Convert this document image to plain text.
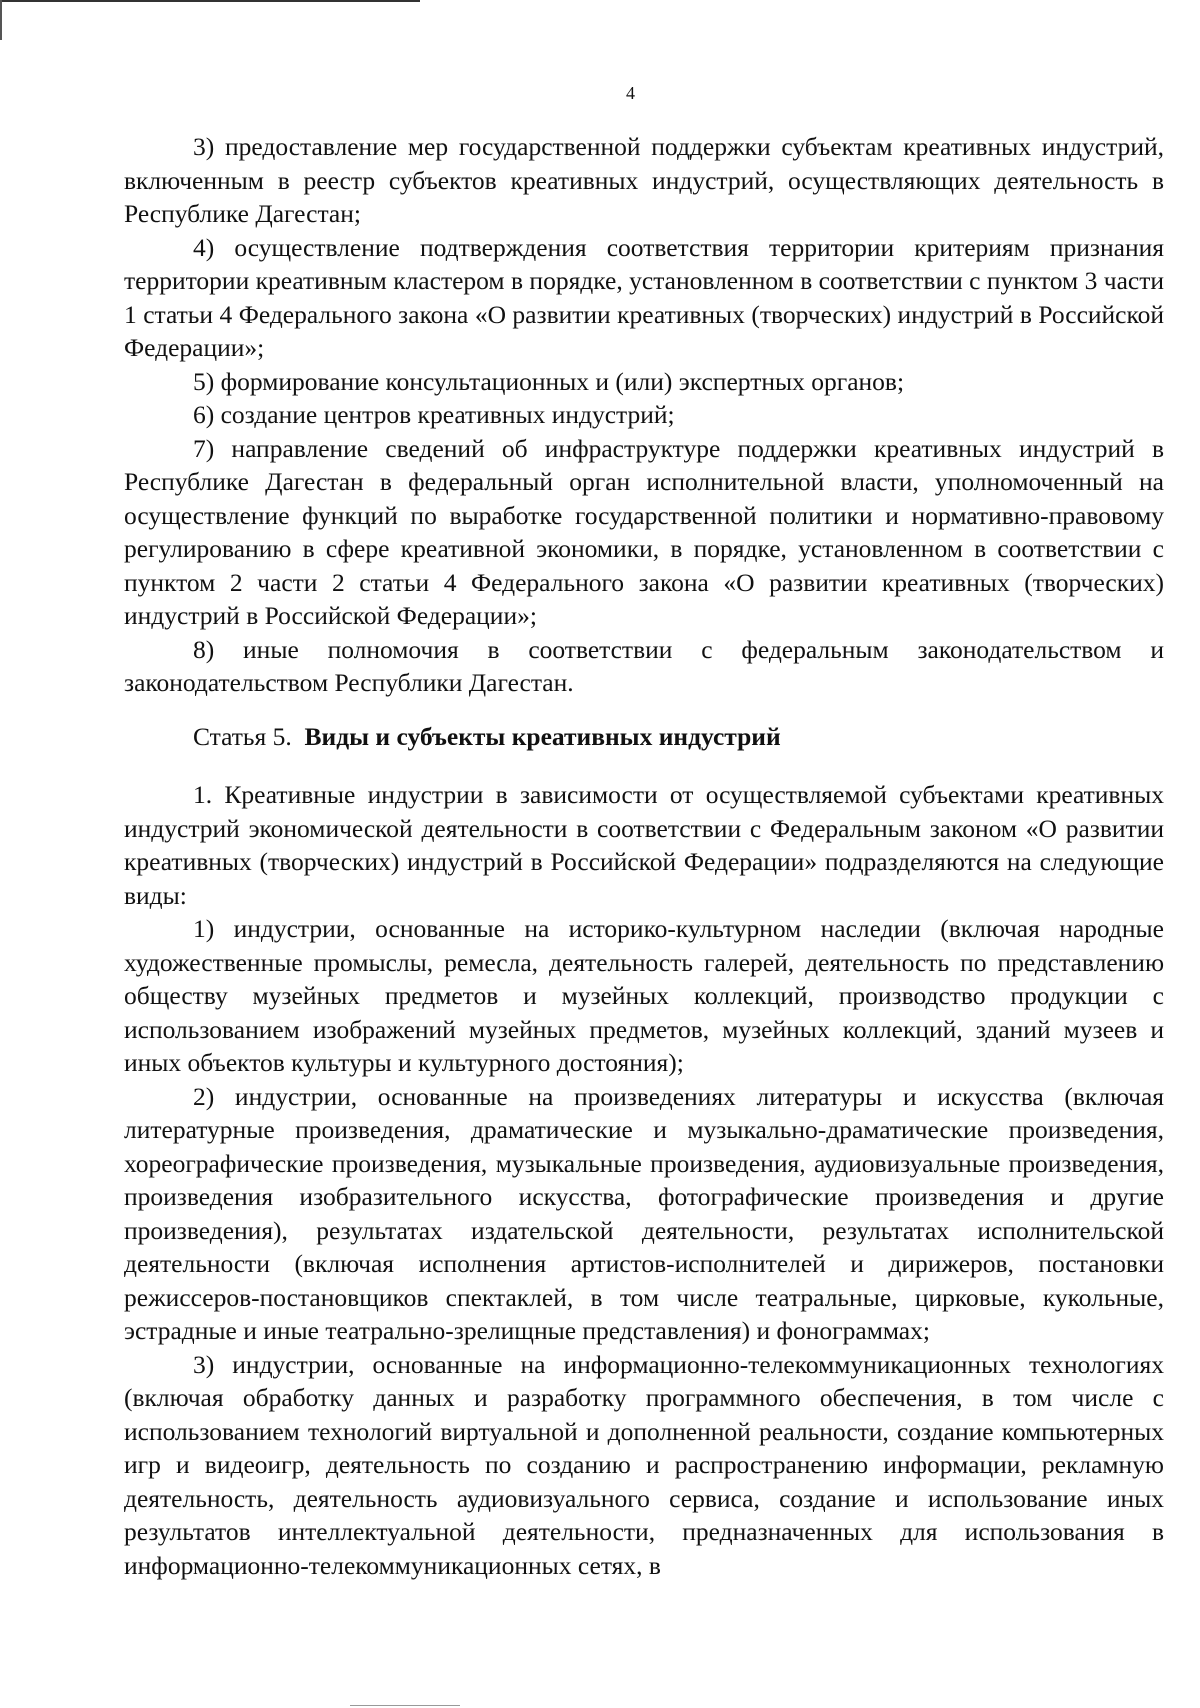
4

3) предоставление мер государственной поддержки субъектам креативных индустрий, включенным в реестр субъектов креативных индустрий, осуществляющих деятельность в Республике Дагестан;

4) осуществление подтверждения соответствия территории критериям признания территории креативным кластером в порядке, установленном в соответствии с пунктом 3 части 1 статьи 4 Федерального закона «О развитии креативных (творческих) индустрий в Российской Федерации»;

5) формирование консультационных и (или) экспертных органов;

6) создание центров креативных индустрий;

7) направление сведений об инфраструктуре поддержки креативных индустрий в Республике Дагестан в федеральный орган исполнительной власти, уполномоченный на осуществление функций по выработке государственной политики и нормативно-правовому регулированию в сфере креативной экономики, в порядке, установленном в соответствии с пунктом 2 части 2 статьи 4 Федерального закона «О развитии креативных (творческих) индустрий в Российской Федерации»;

8) иные полномочия в соответствии с федеральным законодательством и законодательством Республики Дагестан.

Статья 5. Виды и субъекты креативных индустрий

1. Креативные индустрии в зависимости от осуществляемой субъектами креативных индустрий экономической деятельности в соответствии с Федеральным законом «О развитии креативных (творческих) индустрий в Российской Федерации» подразделяются на следующие виды:

1) индустрии, основанные на историко-культурном наследии (включая народные художественные промыслы, ремесла, деятельность галерей, деятельность по представлению обществу музейных предметов и музейных коллекций, производство продукции с использованием изображений музейных предметов, музейных коллекций, зданий музеев и иных объектов культуры и культурного достояния);

2) индустрии, основанные на произведениях литературы и искусства (включая литературные произведения, драматические и музыкально-драматические произведения, хореографические произведения, музыкальные произведения, аудиовизуальные произведения, произведения изобразительного искусства, фотографические произведения и другие произведения), результатах издательской деятельности, результатах исполнительской деятельности (включая исполнения артистов-исполнителей и дирижеров, постановки режиссеров-постановщиков спектаклей, в том числе театральные, цирковые, кукольные, эстрадные и иные театрально-зрелищные представления) и фонограммах;

3) индустрии, основанные на информационно-телекоммуникационных технологиях (включая обработку данных и разработку программного обеспечения, в том числе с использованием технологий виртуальной и дополненной реальности, создание компьютерных игр и видеоигр, деятельность по созданию и распространению информации, рекламную деятельность, деятельность аудиовизуального сервиса, создание и использование иных результатов интеллектуальной деятельности, предназначенных для использования в информационно-телекоммуникационных сетях, в
